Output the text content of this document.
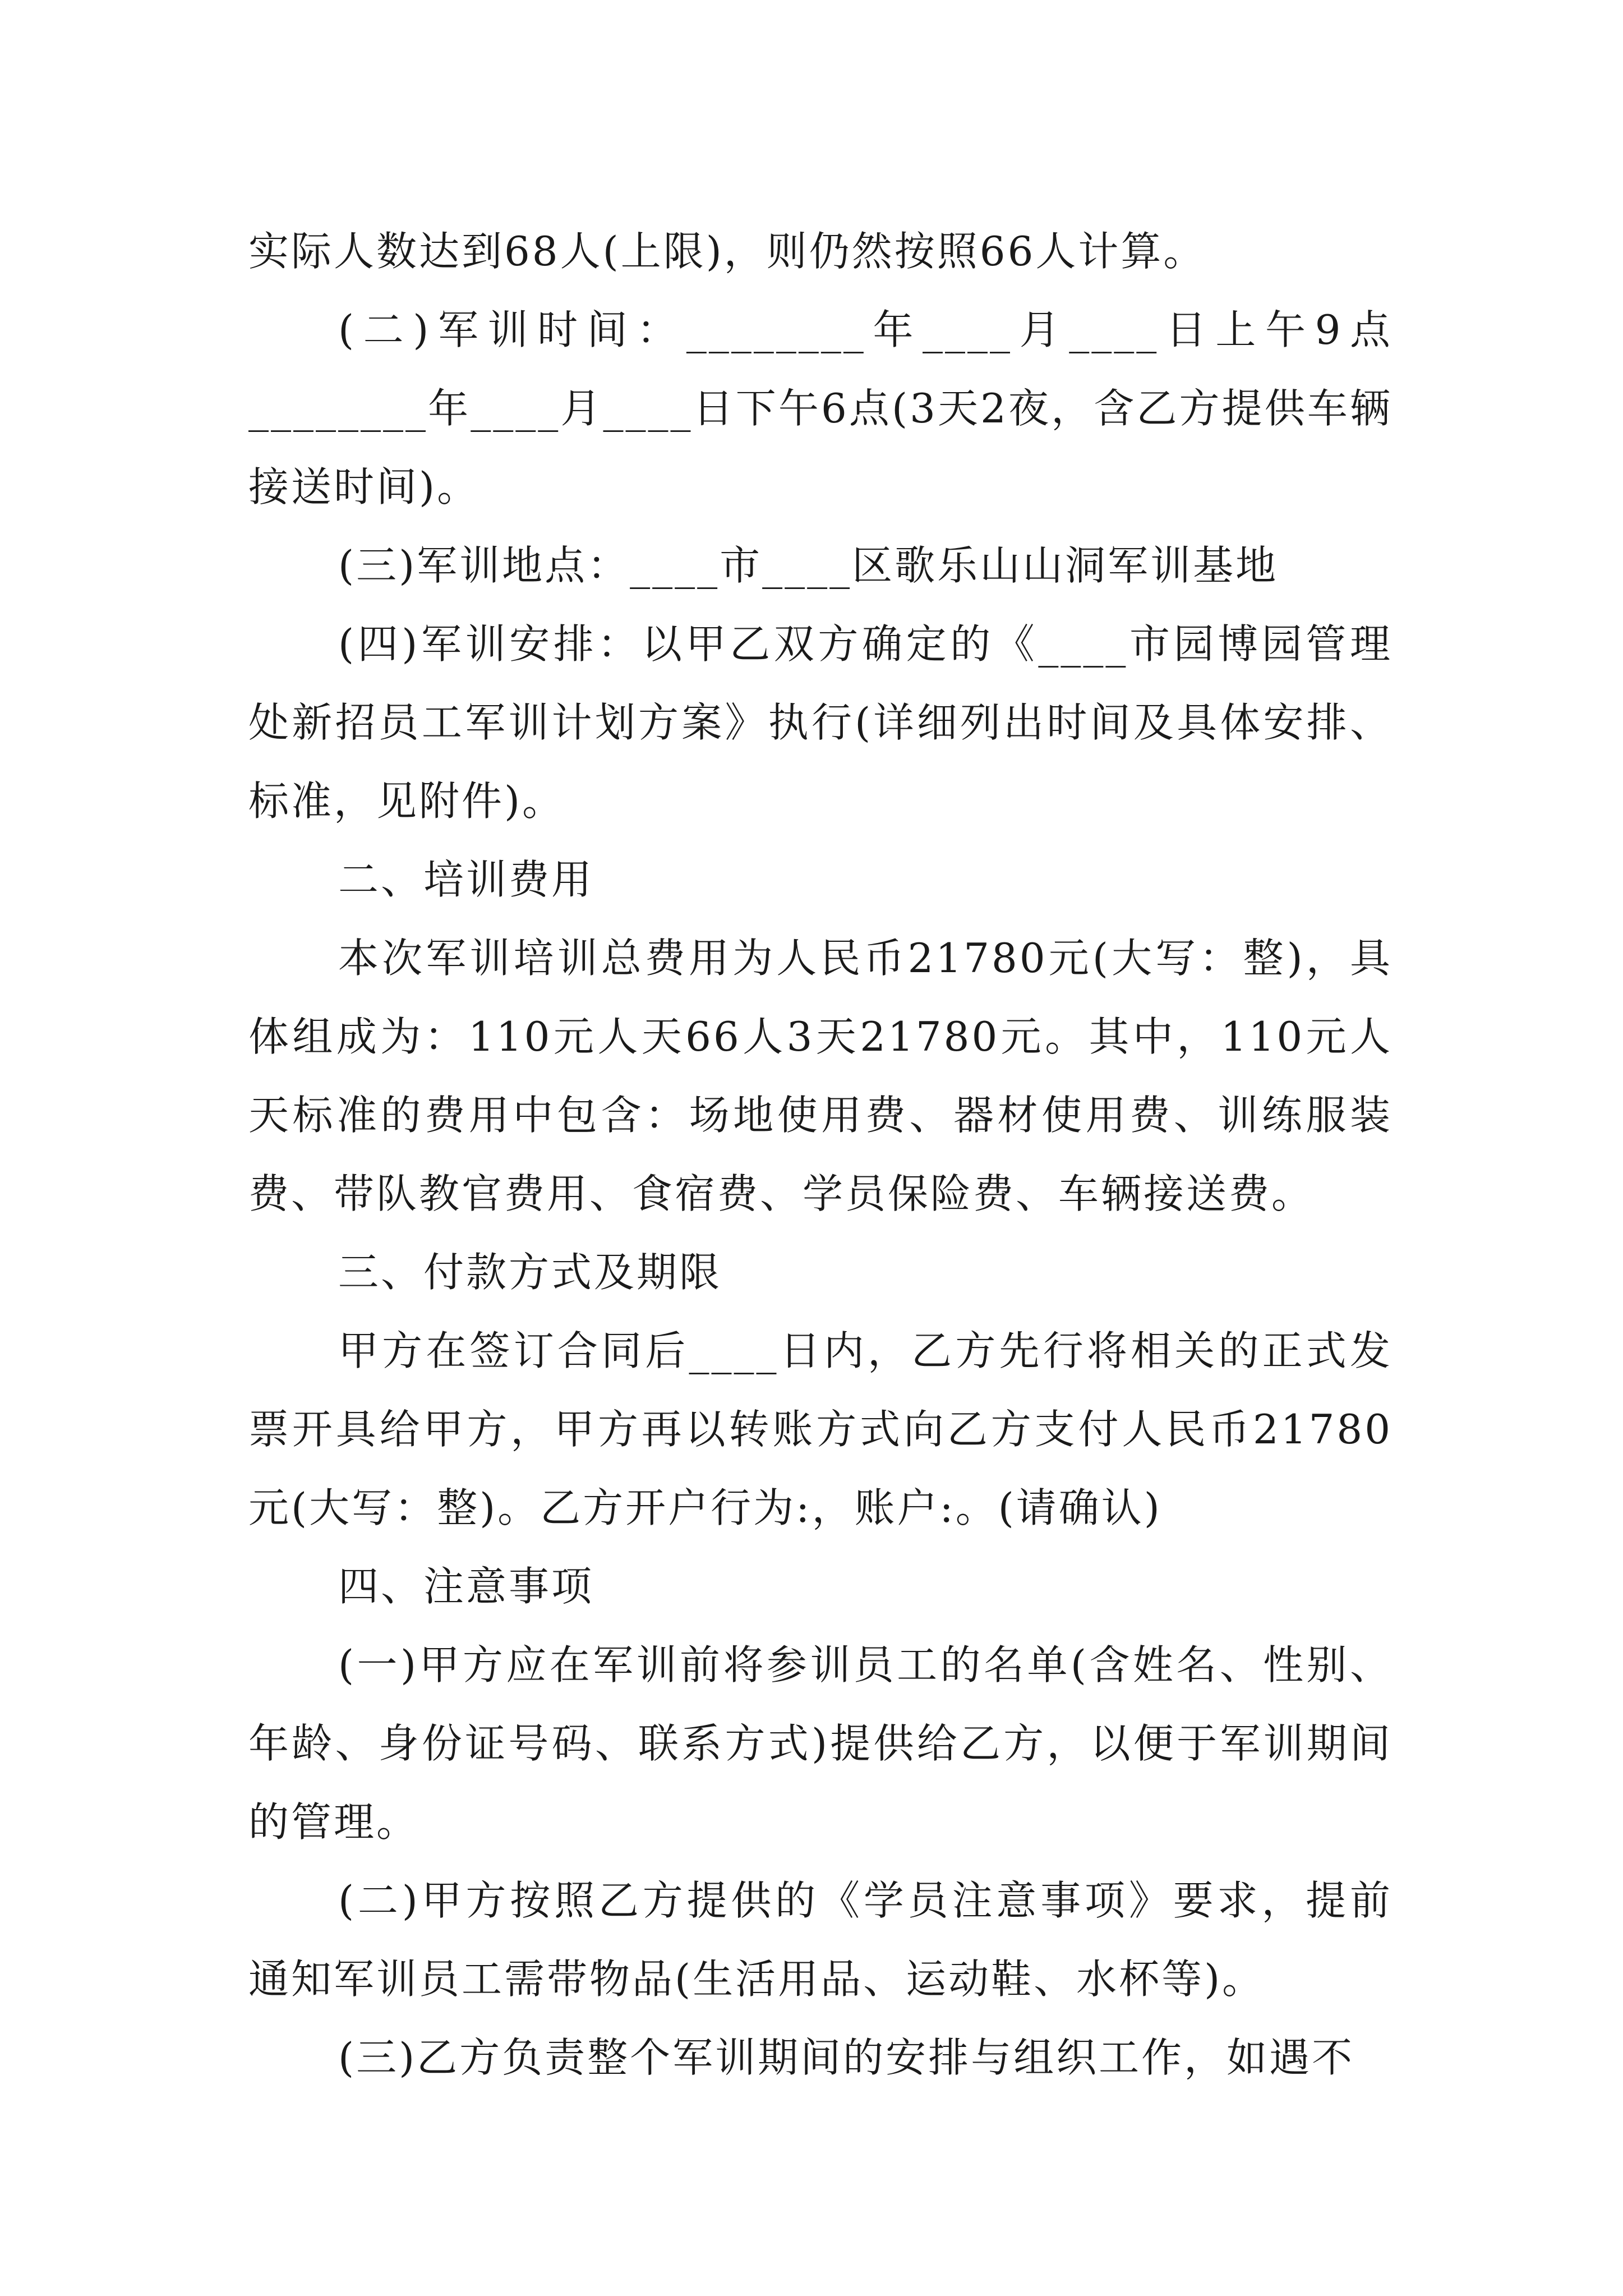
实际人数达到68人(上限)，则仍然按照66人计算。

(二)军训时间：________年____月____日上午9点________年____月____日下午6点(3天2夜，含乙方提供车辆接送时间)。

(三)军训地点：____市____区歌乐山山洞军训基地

(四)军训安排：以甲乙双方确定的《____市园博园管理处新招员工军训计划方案》执行(详细列出时间及具体安排、标准，见附件)。

二、培训费用

本次军训培训总费用为人民币21780元(大写：整)，具体组成为：110元人天66人3天21780元。其中，110元人天标准的费用中包含：场地使用费、器材使用费、训练服装费、带队教官费用、食宿费、学员保险费、车辆接送费。

三、付款方式及期限

甲方在签订合同后____日内，乙方先行将相关的正式发票开具给甲方，甲方再以转账方式向乙方支付人民币21780元(大写：整)。乙方开户行为:，账户:。(请确认)

四、注意事项

(一)甲方应在军训前将参训员工的名单(含姓名、性别、年龄、身份证号码、联系方式)提供给乙方，以便于军训期间的管理。

(二)甲方按照乙方提供的《学员注意事项》要求，提前通知军训员工需带物品(生活用品、运动鞋、水杯等)。

(三)乙方负责整个军训期间的安排与组织工作，如遇不
